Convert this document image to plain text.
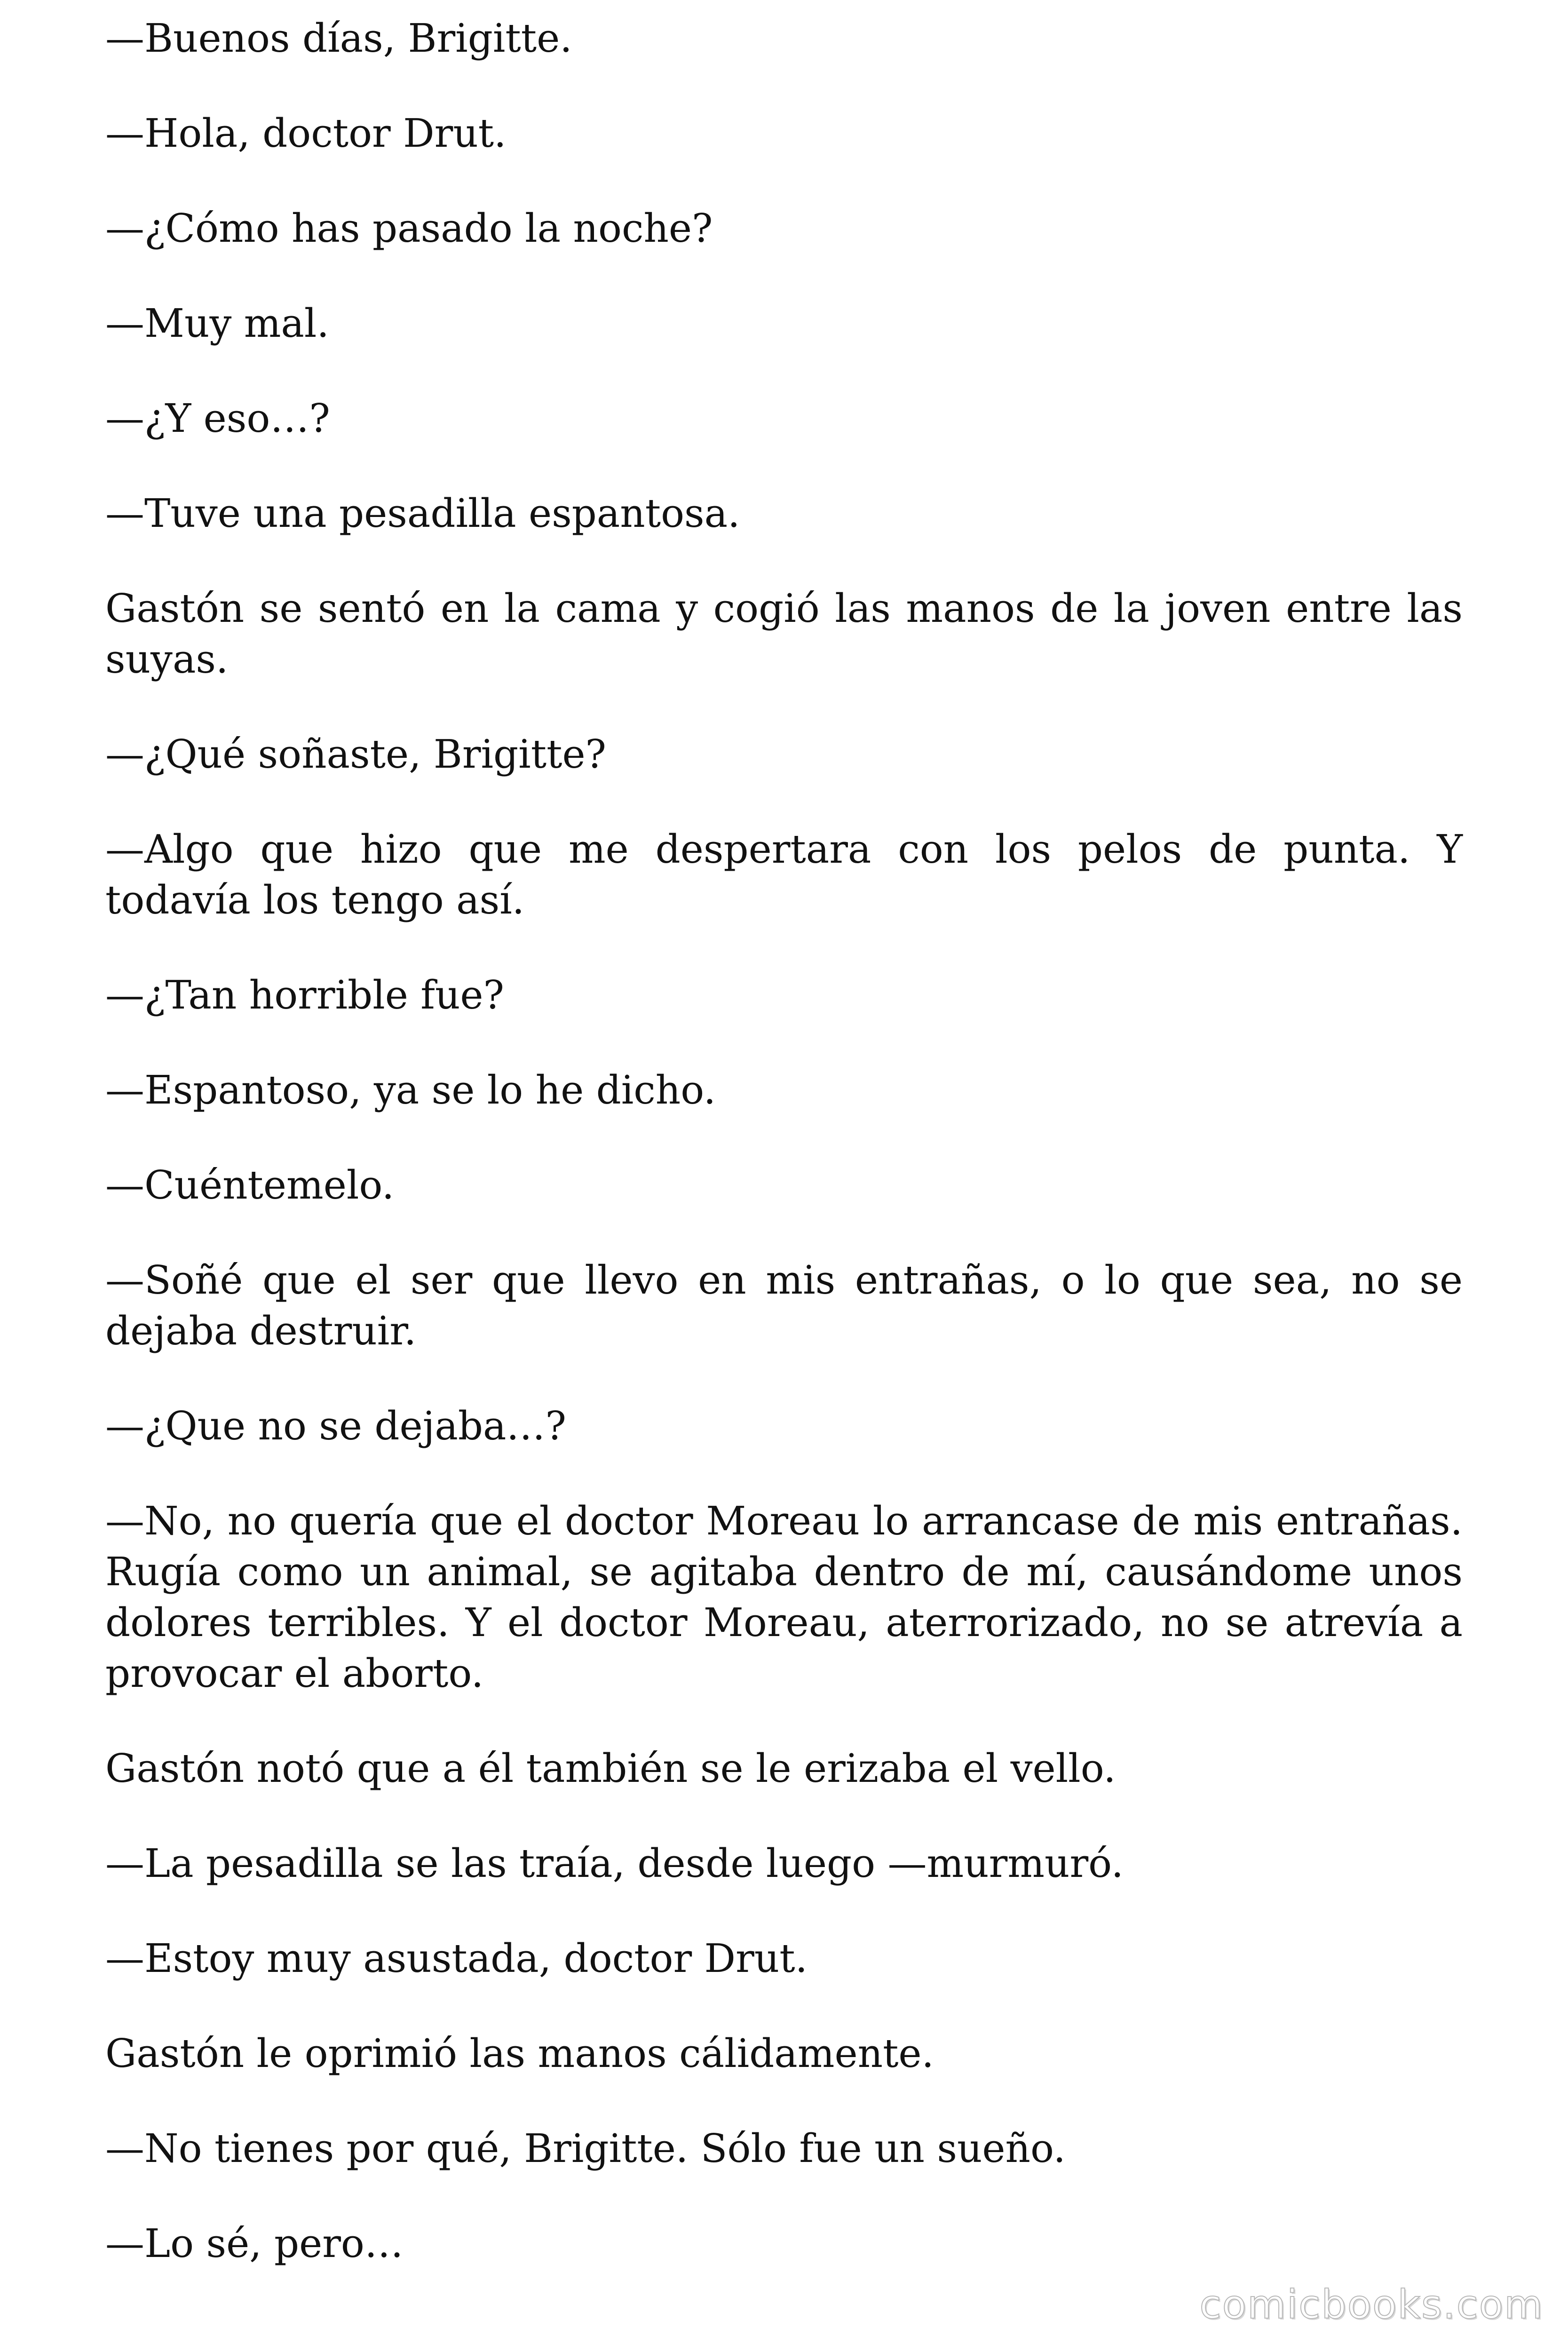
—Buenos días, Brigitte.

—Hola, doctor Drut.

—¿Cómo has pasado la noche?

—Muy mal.

—¿Y eso…?

—Tuve una pesadilla espantosa.

Gastón se sentó en la cama y cogió las manos de la joven entre las suyas.

—¿Qué soñaste, Brigitte?

—Algo que hizo que me despertara con los pelos de punta. Y todavía los tengo así.

—¿Tan horrible fue?

—Espantoso, ya se lo he dicho.

—Cuéntemelo.

—Soñé que el ser que llevo en mis entrañas, o lo que sea, no se dejaba destruir.

—¿Que no se dejaba…?

—No, no quería que el doctor Moreau lo arrancase de mis entrañas. Rugía como un animal, se agitaba dentro de mí, causándome unos dolores terribles. Y el doctor Moreau, aterrorizado, no se atrevía a provocar el aborto.

Gastón notó que a él también se le erizaba el vello.

—La pesadilla se las traía, desde luego —murmuró.

—Estoy muy asustada, doctor Drut.

Gastón le oprimió las manos cálidamente.

—No tienes por qué, Brigitte. Sólo fue un sueño.

—Lo sé, pero…

comicbooks.com
